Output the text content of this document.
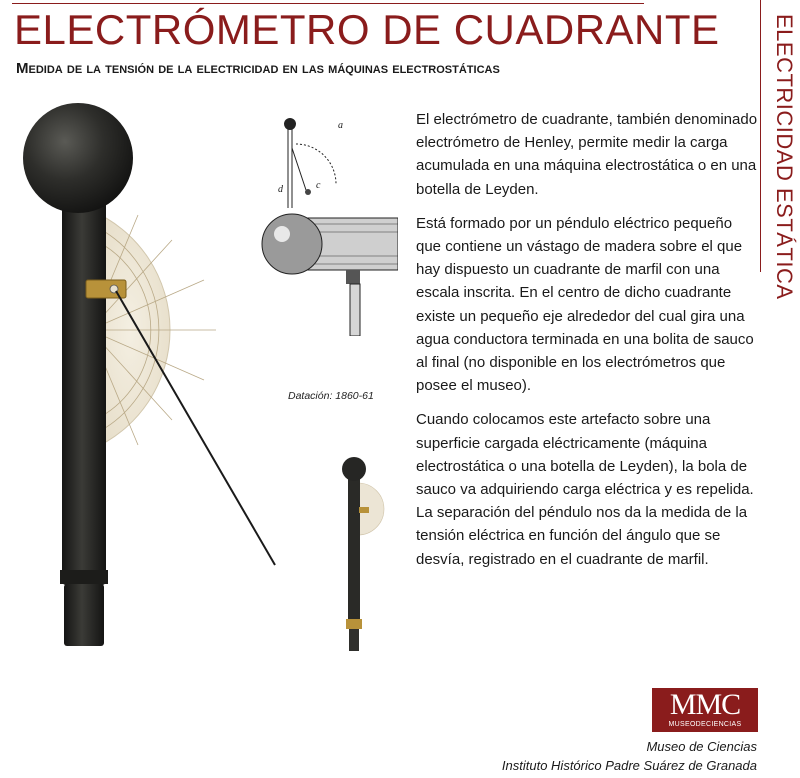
ELECTRÓMETRO DE CUADRANTE
Medida de la tensión de la electricidad en las máquinas electrostáticas	ELECTRICIDAD ESTÁTICA
a
d	c
Datación: 1860-61

El electrómetro de cuadrante, también denominado electrómetro de Henley, permite medir la carga acumulada en una máquina electrostática o en una botella de Leyden.

Está formado por un péndulo eléctrico pequeño que contiene un vástago de madera sobre el que hay dispuesto un cuadrante de marfil con una escala inscrita. En el centro de dicho cuadrante existe un pequeño eje alrededor del cual gira una agua conductora terminada en una bolita de sauco al final (no disponible en los electrómetros que posee el museo).

Cuando colocamos este artefacto sobre una superficie cargada eléctricamente (máquina electrostática o una botella de Leyden), la bola de sauco va adquiriendo carga eléctrica y es repelida. La separación del péndulo nos da la medida de la tensión eléctrica en función del ángulo que se desvía, registrado en el cuadrante de marfil.

MMC
MUSEODECIENCIAS
Museo de Ciencias
Instituto Histórico Padre Suárez de Granada
